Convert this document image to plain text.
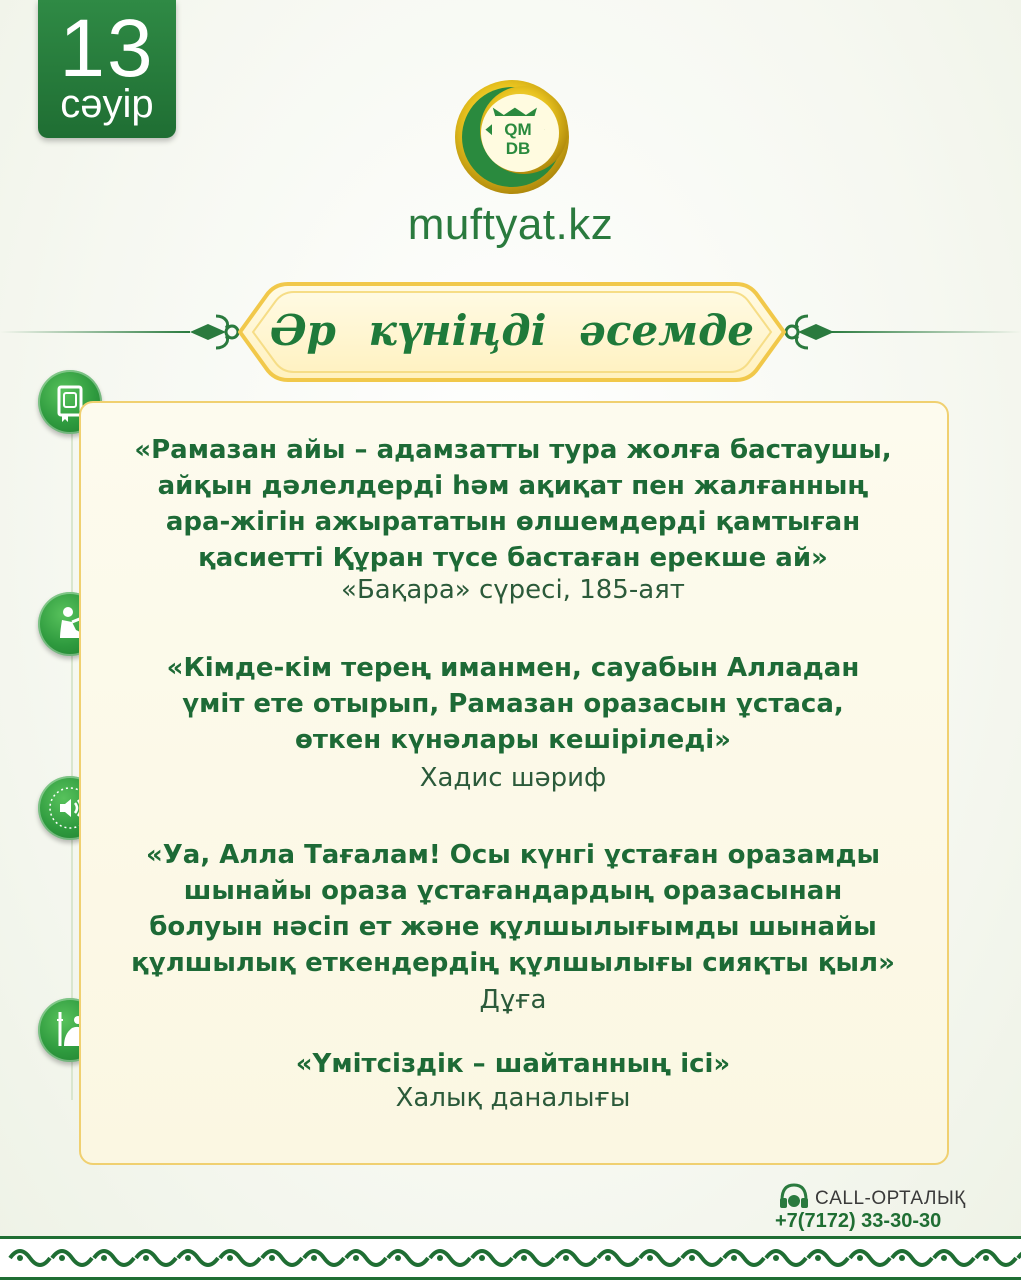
13
сәуір
QM
DB
muftyat.kz
Әр күніңді әсемде
«Рамазан айы – адамзатты тура жолға бастаушы,
айқын дәлелдерді һәм ақиқат пен жалғанның
ара-жігін ажырататын өлшемдерді қамтыған
қасиетті Құран түсе бастаған ерекше ай»
«Бақара» сүресі, 185-аят
«Кімде-кім терең иманмен, сауабын Алладан
үміт ете отырып, Рамазан оразасын ұстаса,
өткен күнәлары кешіріледі»
Хадис шәриф
«Уа, Алла Тағалам! Осы күнгі ұстаған оразамды
шынайы ораза ұстағандардың оразасынан
болуын нәсіп ет және құлшылығымды шынайы
құлшылық еткендердің құлшылығы сияқты қыл»
Дұға
«Үмітсіздік – шайтанның ісі»
Халық даналығы
CALL-ОРТАЛЫҚ
+7(7172) 33-30-30
